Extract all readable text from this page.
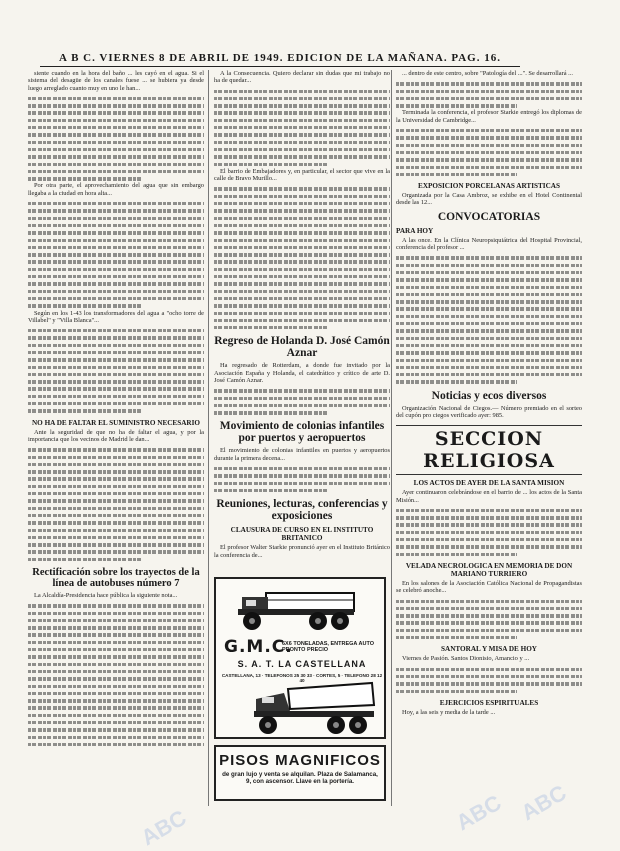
A B C. VIERNES 8 DE ABRIL DE 1949. EDICION DE LA MAÑANA. PAG. 16.

siente cuando en la hora del baño ... les cayó en el agua. Si el sistema del desagüe de los canales fuese ... se hubiera ya desde luego arreglado cuanto muy en uno le han...

Por otra parte, el aprovechamiento del agua que sin embargo llegaba a la ciudad en hora alta...

Según en los 1-43 los transformadores del agua a "ocho torre de Villabel" y "Villa Blanca"...

NO HA DE FALTAR EL SUMINISTRO NECESARIO

Ante la seguridad de que no ha de faltar el agua, y por la importancia que los vecinos de Madrid le dan...

Rectificación sobre los trayectos de la línea de autobuses número 7

La Alcaldía-Presidencia hace pública la siguiente nota...

A la Consecuencia. Quiero declarar sin dudas que mi trabajo no ha de quedar...

El barrio de Embajadores y, en particular, el sector que vive en la calle de Bravo Murillo...

Regreso de Holanda D. José Camón Aznar

Ha regresado de Rotterdam, a donde fue invitado por la Asociación España y Holanda, el catedrático y crítico de arte D. José Camón Aznar.

Movimiento de colonias infantiles por puertos y aeropuertos

El movimiento de colonias infantiles en puertos y aeropuertos durante la primera decena...

Reuniones, lecturas, conferencias y exposiciones
CLAUSURA DE CURSO EN EL INSTITUTO BRITANICO

El profesor Walter Starkie pronunció ayer en el Instituto Británico la conferencia de...

G.M.C.
6X6 TONELADAS, ENTREGA AUTO PRONTO PRECIO
S. A. T. LA CASTELLANA
CASTELLANA, 13 · TELEFONOS 25 30 33 · CORTES, 5 · TELEFONO 28 12 40
PISOS MAGNIFICOS
de gran lujo y venta se alquilan. Plaza de Salamanca, 9, con ascensor. Llave en la portería.

... dentro de este centro, sobre "Patología del ...". Se desarrollará ...

Terminada la conferencia, el profesor Starkie entregó los diplomas de la Universidad de Cambridge...

EXPOSICION PORCELANAS ARTISTICAS

Organizada por la Casa Ambroz, se exhibe en el Hotel Continental desde las 12...

CONVOCATORIAS
PARA HOY

A las once. En la Clínica Neuropsiquiátrica del Hospital Provincial, conferencia del profesor ...

Noticias y ecos diversos

Organización Nacional de Ciegos.— Número premiado en el sorteo del cupón pro ciegos verificado ayer: 985.

SECCION RELIGIOSA
LOS ACTOS DE AYER DE LA SANTA MISION

Ayer continuaron celebrándose en el barrio de ... los actos de la Santa Misión...

VELADA NECROLOGICA EN MEMORIA DE DON MARIANO TURRIERO

En los salones de la Asociación Católica Nacional de Propagandistas se celebró anoche...

SANTORAL Y MISA DE HOY

Viernes de Pasión. Santos Dionisio, Amancio y ...

EJERCICIOS ESPIRITUALES

Hoy, a las seis y media de la tarde ...

ABC
ABC
ABC
